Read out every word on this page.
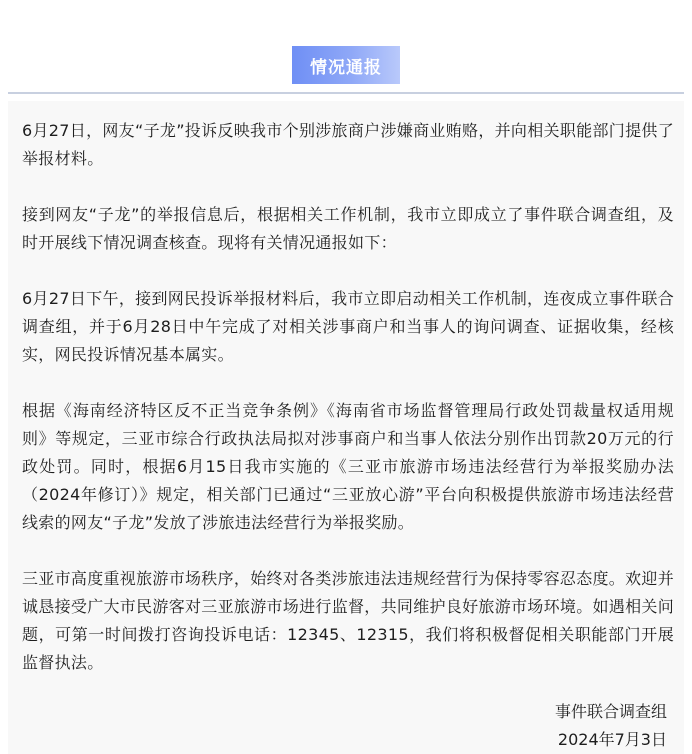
情况通报

6月27日，网友“子龙”投诉反映我市个别涉旅商户涉嫌商业贿赂，并向相关职能部门提供了举报材料。

接到网友“子龙”的举报信息后，根据相关工作机制，我市立即成立了事件联合调查组，及时开展线下情况调查核查。现将有关情况通报如下：

6月27日下午，接到网民投诉举报材料后，我市立即启动相关工作机制，连夜成立事件联合调查组，并于6月28日中午完成了对相关涉事商户和当事人的询问调查、证据收集，经核实，网民投诉情况基本属实。

根据《海南经济特区反不正当竞争条例》《海南省市场监督管理局行政处罚裁量权适用规则》等规定，三亚市综合行政执法局拟对涉事商户和当事人依法分别作出罚款20万元的行政处罚。同时，根据6月15日我市实施的《三亚市旅游市场违法经营行为举报奖励办法（2024年修订）》规定，相关部门已通过“三亚放心游”平台向积极提供旅游市场违法经营线索的网友“子龙”发放了涉旅违法经营行为举报奖励。

三亚市高度重视旅游市场秩序，始终对各类涉旅违法违规经营行为保持零容忍态度。欢迎并诚恳接受广大市民游客对三亚旅游市场进行监督，共同维护良好旅游市场环境。如遇相关问题，可第一时间拨打咨询投诉电话：12345、12315，我们将积极督促相关职能部门开展监督执法。

事件联合调查组
2024年7月3日
